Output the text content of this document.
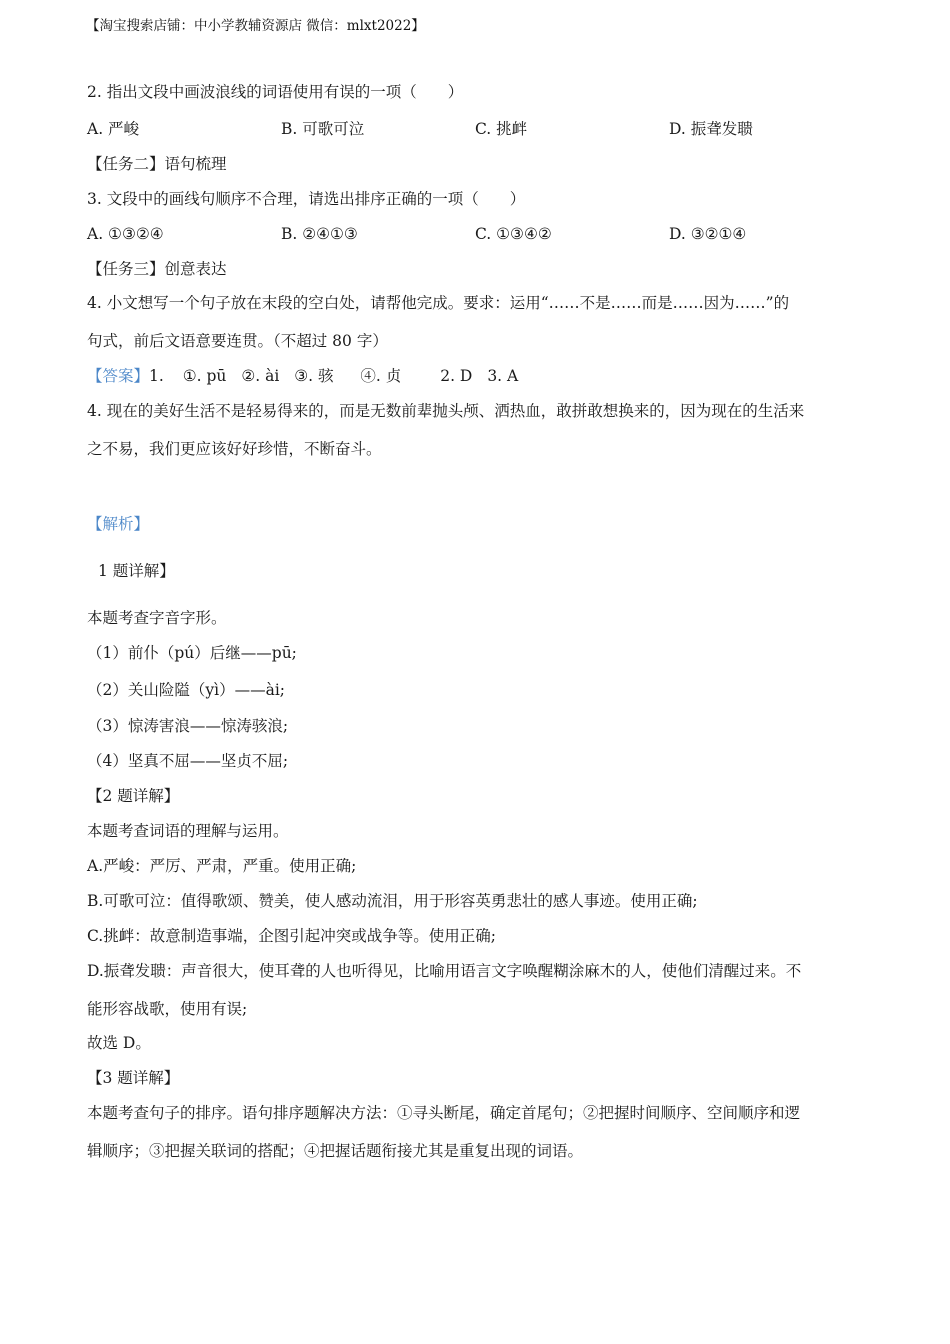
【淘宝搜索店铺：中小学教辅资源店 微信：mlxt2022】
2. 指出文段中画波浪线的词语使用有误的一项（　　）
A. 严峻	B. 可歌可泣	C. 挑衅	D. 振聋发聩
【任务二】语句梳理
3. 文段中的画线句顺序不合理，请选出排序正确的一项（　　）
A. ①③②④	B. ②④①③	C. ①③④②	D. ③②①④
【任务三】创意表达
4. 小文想写一个句子放在末段的空白处，请帮他完成。要求：运用“……不是……而是……因为……”的
句式，前后文语意要连贯。（不超过 80 字）
【答案】1. ①. pū ②. ài ③. 骇 ④. 贞	2. D 3. A
4. 现在的美好生活不是轻易得来的，而是无数前辈抛头颅、洒热血，敢拼敢想换来的，因为现在的生活来
之不易，我们更应该好好珍惜，不断奋斗。
【解析】
1 题详解】
本题考查字音字形。
（1）前仆（pú）后继——pū;
（2）关山险隘（yì）——ài;
（3）惊涛害浪——惊涛骇浪;
（4）坚真不屈——坚贞不屈;
【2 题详解】
本题考查词语的理解与运用。
A.严峻：严厉、严肃，严重。使用正确;
B.可歌可泣：值得歌颂、赞美，使人感动流泪，用于形容英勇悲壮的感人事迹。使用正确;
C.挑衅：故意制造事端，企图引起冲突或战争等。使用正确;
D.振聋发聩：声音很大，使耳聋的人也听得见，比喻用语言文字唤醒糊涂麻木的人，使他们清醒过来。不
能形容战歌，使用有误;
故选 D。
【3 题详解】
本题考查句子的排序。语句排序题解决方法：①寻头断尾，确定首尾句；②把握时间顺序、空间顺序和逻
辑顺序；③把握关联词的搭配；④把握话题衔接尤其是重复出现的词语。
